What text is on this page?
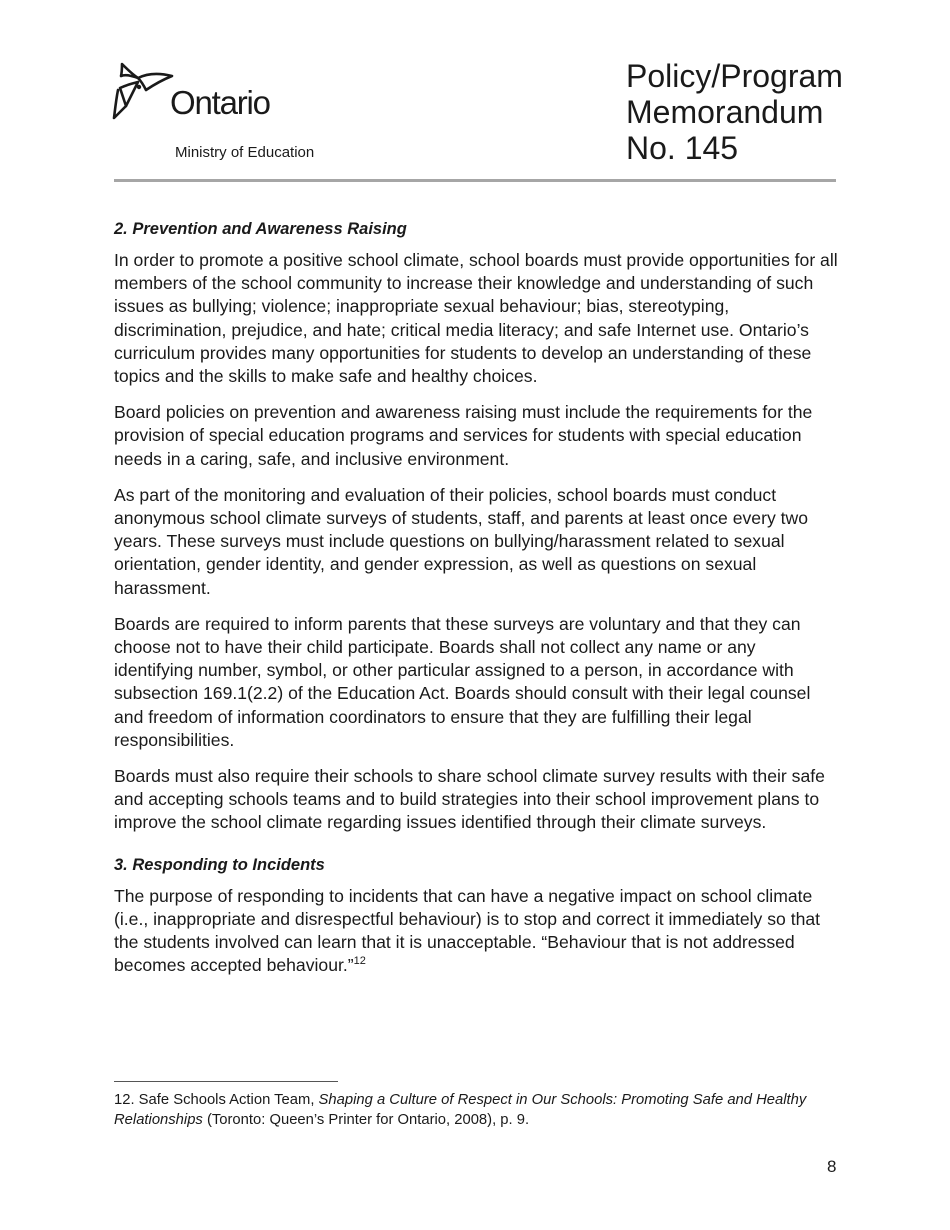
Ontario
Ministry of Education
Policy/Program
Memorandum
No. 145
2. Prevention and Awareness Raising

In order to promote a positive school climate, school boards must provide opportunities for all members of the school community to increase their knowledge and understanding of such issues as bullying; violence; inappropriate sexual behaviour; bias, stereotyping, discrimination, prejudice, and hate; critical media literacy; and safe Internet use. Ontario’s curriculum provides many opportunities for students to develop an understanding of these topics and the skills to make safe and healthy choices.

Board policies on prevention and awareness raising must include the requirements for the provision of special education programs and services for students with special education needs in a caring, safe, and inclusive environment.

As part of the monitoring and evaluation of their policies, school boards must conduct anonymous school climate surveys of students, staff, and parents at least once every two years. These surveys must include questions on bullying/harassment related to sexual orientation, gender identity, and gender expression, as well as questions on sexual harassment.

Boards are required to inform parents that these surveys are voluntary and that they can choose not to have their child participate. Boards shall not collect any name or any identifying number, symbol, or other particular assigned to a person, in accordance with subsection 169.1(2.2) of the Education Act. Boards should consult with their legal counsel and freedom of information coordinators to ensure that they are fulfilling their legal responsibilities.

Boards must also require their schools to share school climate survey results with their safe and accepting schools teams and to build strategies into their school improvement plans to improve the school climate regarding issues identified through their climate surveys.

3. Responding to Incidents

The purpose of responding to incidents that can have a negative impact on school climate (i.e., inappropriate and disrespectful behaviour) is to stop and correct it immediately so that the students involved can learn that it is unacceptable. “Behaviour that is not addressed becomes accepted behaviour.”$^{12}$

12. Safe Schools Action Team, Shaping a Culture of Respect in Our Schools: Promoting Safe and Healthy Relationships (Toronto: Queen’s Printer for Ontario, 2008), p. 9.
8
